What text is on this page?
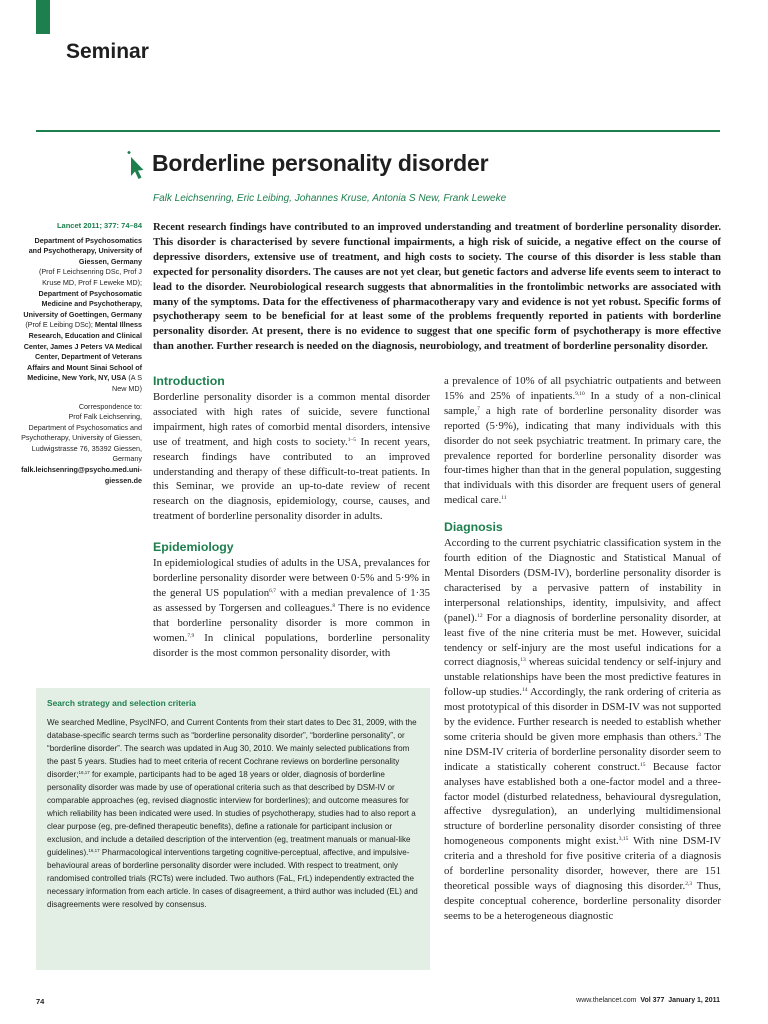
Seminar
Borderline personality disorder
Falk Leichsenring, Eric Leibing, Johannes Kruse, Antonia S New, Frank Leweke
Lancet 2011; 377: 74–84

Department of Psychosomatics and Psychotherapy, University of Giessen, Germany
(Prof F Leichsenring DSc, Prof J Kruse MD, Prof F Leweke MD); Department of Psychosomatic Medicine and Psychotherapy, University of Goettingen, Germany
(Prof E Leibing DSc); Mental Illness Research, Education and Clinical Center, James J Peters VA Medical Center, Department of Veterans Affairs and Mount Sinai School of Medicine, New York, NY, USA (A S New MD)

Correspondence to:
Prof Falk Leichsenring,
Department of Psychosomatics and Psychotherapy, University of Giessen, Ludwigstrasse 76, 35392 Giessen, Germany
falk.leichsenring@psycho.med.uni-giessen.de

Recent research findings have contributed to an improved understanding and treatment of borderline personality disorder. This disorder is characterised by severe functional impairments, a high risk of suicide, a negative effect on the course of depressive disorders, extensive use of treatment, and high costs to society. The course of this disorder is less stable than expected for personality disorders. The causes are not yet clear, but genetic factors and adverse life events seem to interact to lead to the disorder. Neurobiological research suggests that abnormalities in the frontolimbic networks are associated with many of the symptoms. Data for the effectiveness of pharmacotherapy vary and evidence is not yet robust. Specific forms of psychotherapy seem to be beneficial for at least some of the problems frequently reported in patients with borderline personality disorder. At present, there is no evidence to suggest that one specific form of psychotherapy is more effective than another. Further research is needed on the diagnosis, neurobiology, and treatment of borderline personality disorder.
Introduction

Borderline personality disorder is a common mental disorder associated with high rates of suicide, severe functional impairment, high rates of comorbid mental disorders, intensive use of treatment, and high costs to society.$^{1-5}$ In recent years, research findings have contributed to an improved understanding and therapy of these difficult-to-treat patients. In this Seminar, we provide an up-to-date review of recent research on the diagnosis, epidemiology, course, causes, and treatment of borderline personality disorder in adults.

Epidemiology

In epidemiological studies of adults in the USA, prevalances for borderline personality disorder were between 0·5% and 5·9% in the general US population$^{6,7}$ with a median prevalence of 1·35 as assessed by Torgersen and colleagues.$^8$ There is no evidence that borderline personality disorder is more common in women.$^{7,9}$ In clinical populations, borderline personality disorder is the most common personality disorder, with

a prevalence of 10% of all psychiatric outpatients and between 15% and 25% of inpatients.$^{9,10}$ In a study of a non-clinical sample,$^7$ a high rate of borderline personality disorder was reported (5·9%), indicating that many individuals with this disorder do not seek psychiatric treatment. In primary care, the prevalence reported for borderline personality disorder was four-times higher than that in the general population, suggesting that individuals with this disorder are frequent users of general medical care.$^{11}$

Diagnosis

According to the current psychiatric classification system in the fourth edition of the Diagnostic and Statistical Manual of Mental Disorders (DSM-IV), borderline personality disorder is characterised by a pervasive pattern of instability in interpersonal relationships, identity, impulsivity, and affect (panel).$^{12}$ For a diagnosis of borderline personality disorder, at least five of the nine criteria must be met. However, suicidal tendency or self-injury are the most useful indications for a correct diagnosis,$^{13}$ whereas suicidal tendency or self-injury and unstable relationships have been the most predictive features in follow-up studies.$^{14}$ Accordingly, the rank ordering of criteria as most prototypical of this disorder in DSM-IV was not supported by the evidence. Further research is needed to establish whether some criteria should be given more emphasis than others.$^3$ The nine DSM-IV criteria of borderline personality disorder seem to indicate a statistically coherent construct.$^{15}$ Because factor analyses have established both a one-factor model and a three-factor model (disturbed relatedness, behavioural dysregulation, affective dysregulation), an underlying multidimensional structure of borderline personality disorder consisting of three homogeneous components might exist.$^{3,15}$ With nine DSM-IV criteria and a threshold for five positive criteria of a diagnosis of borderline personality disorder, however, there are 151 theoretical possible ways of diagnosing this disorder.$^{2,3}$ Thus, despite conceptual coherence, borderline personality disorder seems to be a heterogeneous diagnostic

Search strategy and selection criteria

We searched Medline, PsycINFO, and Current Contents from their start dates to Dec 31, 2009, with the database-specific search terms such as “borderline personality disorder”, “borderline personality”, or “borderline disorder”. The search was updated in Aug 30, 2010. We mainly selected publications from the past 5 years. Studies had to meet criteria of recent Cochrane reviews on borderline personality disorder;$^{16,17}$ for example, participants had to be aged 18 years or older, diagnosis of borderline personality disorder was made by use of operational criteria such as that described by DSM-IV or comparable approaches (eg, revised diagnostic interview for borderlines); and outcome measures for which reliability has been indicated were used. In studies of psychotherapy, studies had to also report a clear purpose (eg, pre-defined therapeutic benefits), define a rationale for participant inclusion or exclusion, and include a detailed description of the intervention (eg, treatment manuals or manual-like guidelines).$^{16,17}$ Pharmacological interventions targeting cognitive-perceptual, affective, and impulsive-behavioural areas of borderline personality disorder were included. With respect to treatment, only randomised controlled trials (RCTs) were included. Two authors (FaL, FrL) independently extracted the necessary information from each article. In cases of disagreement, a third author was included (EL) and disagreements were resolved by consensus.

74	www.thelancet.com Vol 377 January 1, 2011
